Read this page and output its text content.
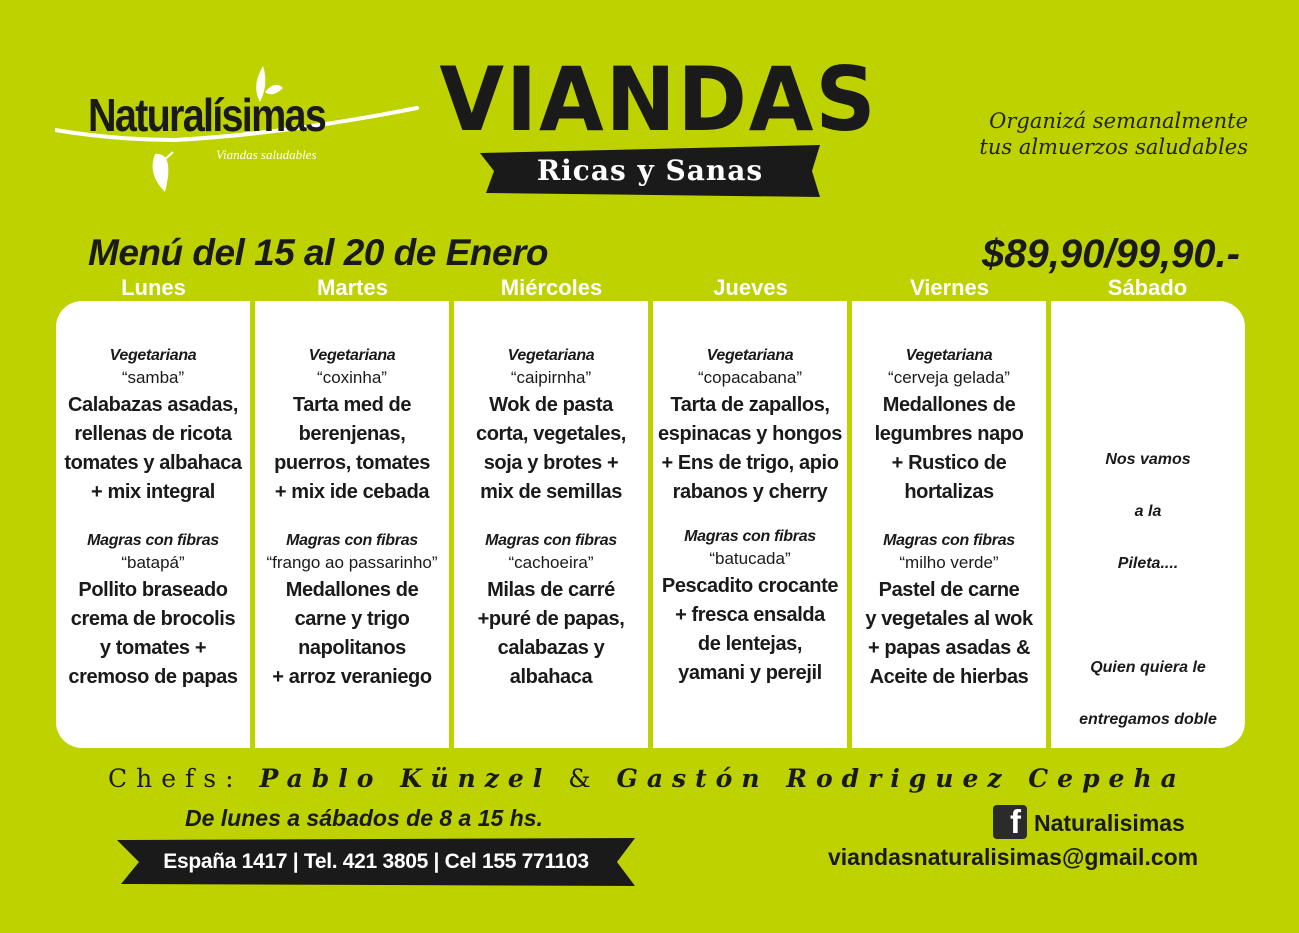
Naturalísimas
Viandas saludables
VIANDAS
Ricas y Sanas
Organizá semanalmente
tus almuerzos saludables
Menú del 15 al 20 de Enero	$89,90/99,90.-
Lunes	Martes	Miércoles	Jueves	Viernes	Sábado
Vegetariana
“samba”
Calabazas asadas,
rellenas de ricota
tomates y albahaca
+ mix integral
Magras con fibras
“batapá”
Pollito braseado
crema de brocolis
y tomates +
cremoso de papas
Vegetariana
“coxinha”
Tarta med de
berenjenas,
puerros, tomates
+ mix ide cebada
Magras con fibras
“frango ao passarinho”
Medallones de
carne y trigo
napolitanos
+ arroz veraniego
Vegetariana
“caipirnha”
Wok de pasta
corta, vegetales,
soja y brotes +
mix de semillas
Magras con fibras
“cachoeira”
Milas de carré
+puré de papas,
calabazas y
albahaca
Vegetariana
“copacabana”
Tarta de zapallos,
espinacas y hongos
+ Ens de trigo, apio
rabanos y cherry
Magras con fibras
“batucada”
Pescadito crocante
+ fresca ensalda
de lentejas,
yamani y perejil
Vegetariana
“cerveja gelada”
Medallones de
legumbres napo
+ Rustico de
hortalizas
Magras con fibras
“milho verde”
Pastel de carne
y vegetales al wok
+ papas asadas &
Aceite de hierbas

Nos vamos

a la

Pileta....

Quien quiera le

entregamos doble

Chefs: Pablo Künzel & Gastón Rodriguez Cepeha
De lunes a sábados de 8 a 15 hs.
España 1417 | Tel. 421 3805 | Cel 155 771103
f Naturalisimas
viandasnaturalisimas@gmail.com
